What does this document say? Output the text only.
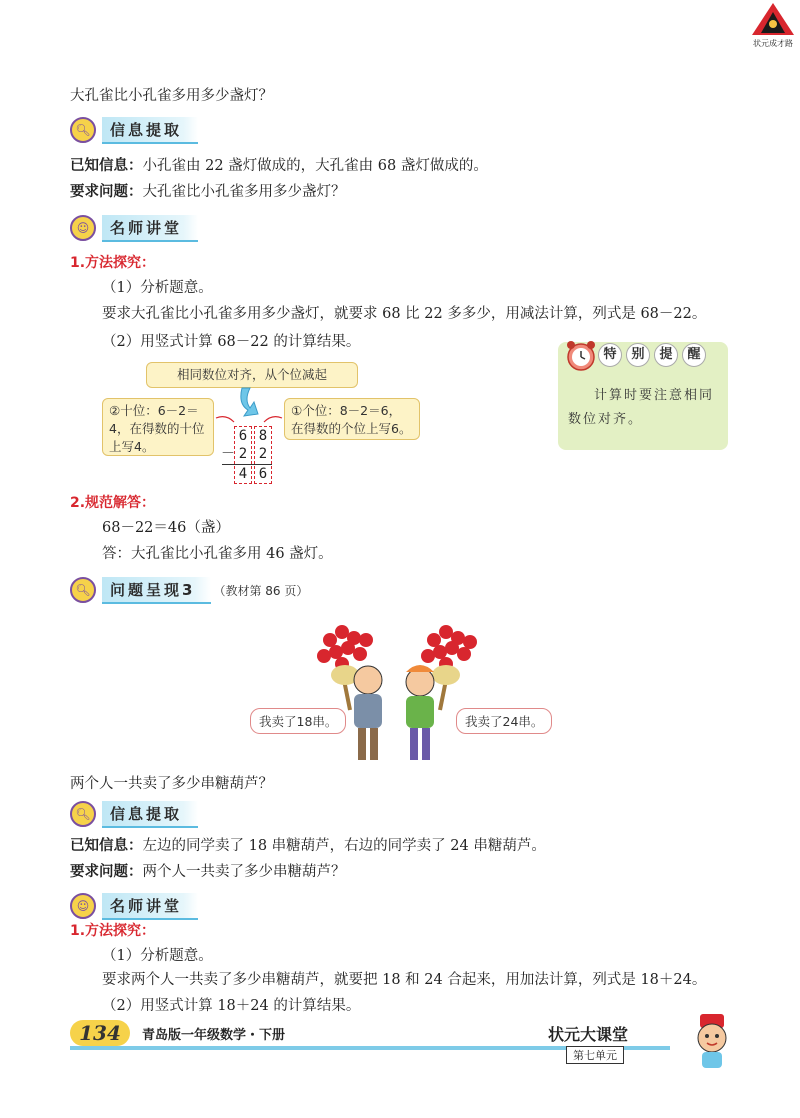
状元成才路
大孔雀比小孔雀多用多少盏灯？
🔍︎	信息提取
已知信息：小孔雀由 22 盏灯做成的，大孔雀由 68 盏灯做成的。
要求问题：大孔雀比小孔雀多用多少盏灯？
☺	名师讲堂
1.方法探究：
（1）分析题意。
要求大孔雀比小孔雀多用多少盏灯，就要求 68 比 22 多多少，用减法计算，列式是 68－22。
（2）用竖式计算 68－22 的计算结果。
相同数位对齐，从个位减起
②十位：6－2＝4，在得数的十位上写4。
①个位：8－2＝6，在得数的个位上写6。
6 8
－ 2 2
4 6
特	别	提	醒
计算时要注意相同数位对齐。
2.规范解答：
68－22＝46（盏）
答：大孔雀比小孔雀多用 46 盏灯。
🔍︎	问题呈现3	（教材第 86 页）
我卖了18串。	我卖了24串。
两个人一共卖了多少串糖葫芦？
🔍︎	信息提取
已知信息：左边的同学卖了 18 串糖葫芦，右边的同学卖了 24 串糖葫芦。
要求问题：两个人一共卖了多少串糖葫芦？
☺	名师讲堂
1.方法探究：
（1）分析题意。
要求两个人一共卖了多少串糖葫芦，就要把 18 和 24 合起来，用加法计算，列式是 18＋24。
（2）用竖式计算 18＋24 的计算结果。
134	青岛版一年级数学・下册	状元大课堂
第七单元
